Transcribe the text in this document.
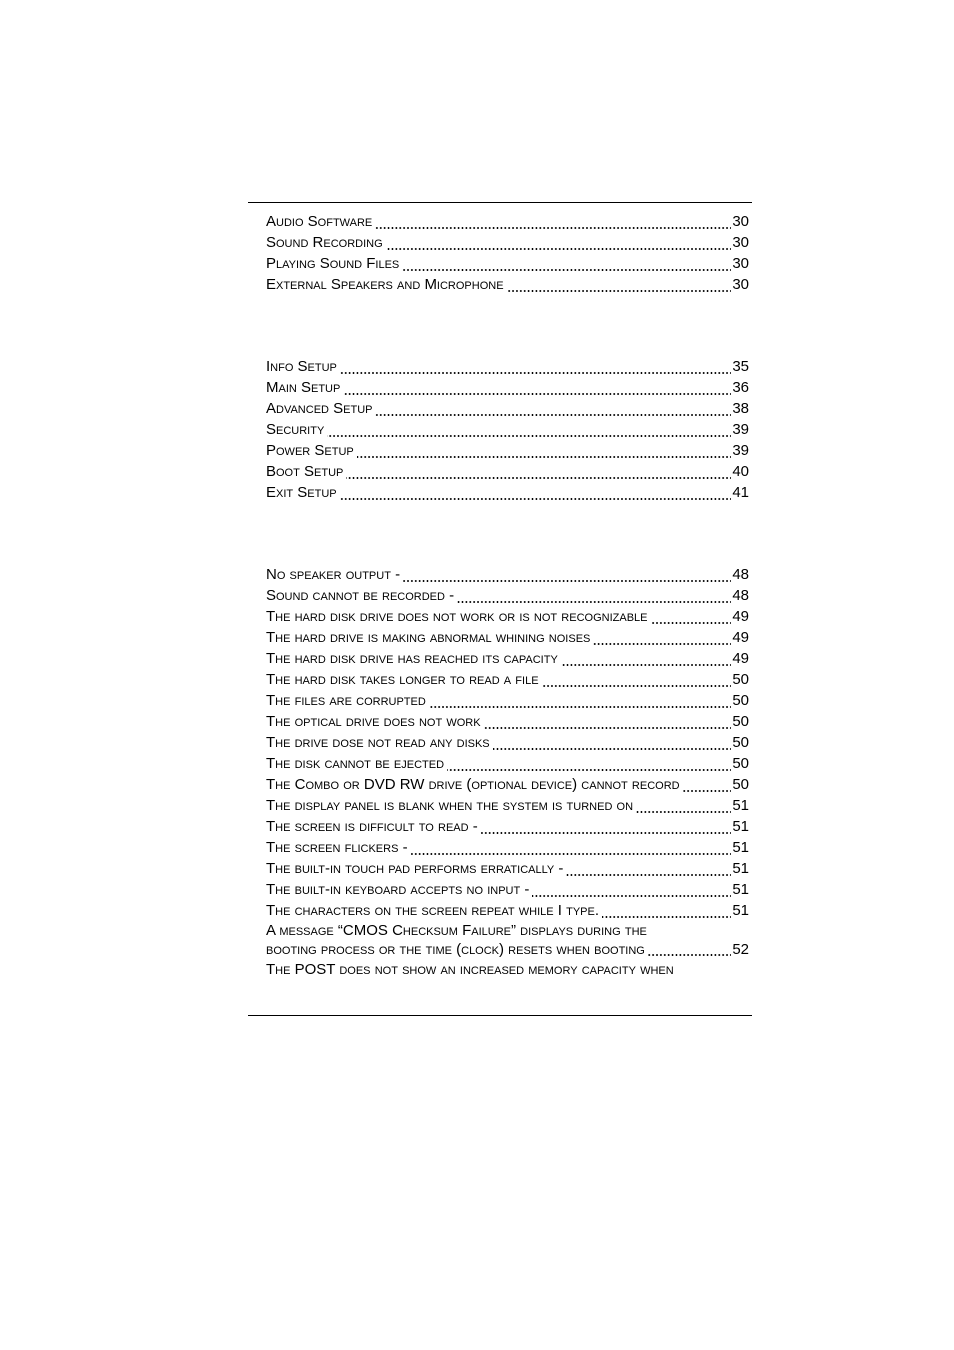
Audio Software	30
Sound Recording	30
Playing Sound Files	30
External Speakers and Microphone	30
Info Setup	35
Main Setup	36
Advanced Setup	38
Security	39
Power Setup	39
Boot Setup	40
Exit Setup	41
No speaker output -	48
Sound cannot be recorded -	48
The hard disk drive does not work or is not recognizable	49
The hard drive is making abnormal whining noises	49
The hard disk drive has reached its capacity	49
The hard disk takes longer to read a file	50
The files are corrupted	50
The optical drive does not work	50
The drive dose not read any disks	50
The disk cannot be ejected	50
The Combo or DVD RW drive (optional device) cannot record	50
The display panel is blank when the system is turned on	51
The screen is difficult to read -	51
The screen flickers -	51
The built-in touch pad performs erratically -	51
The built-in keyboard accepts no input -	51
The characters on the screen repeat while I type.	51
A message “CMOS Checksum Failure” displays during the
booting process or the time (clock) resets when booting	52
The POST does not show an increased memory capacity when
